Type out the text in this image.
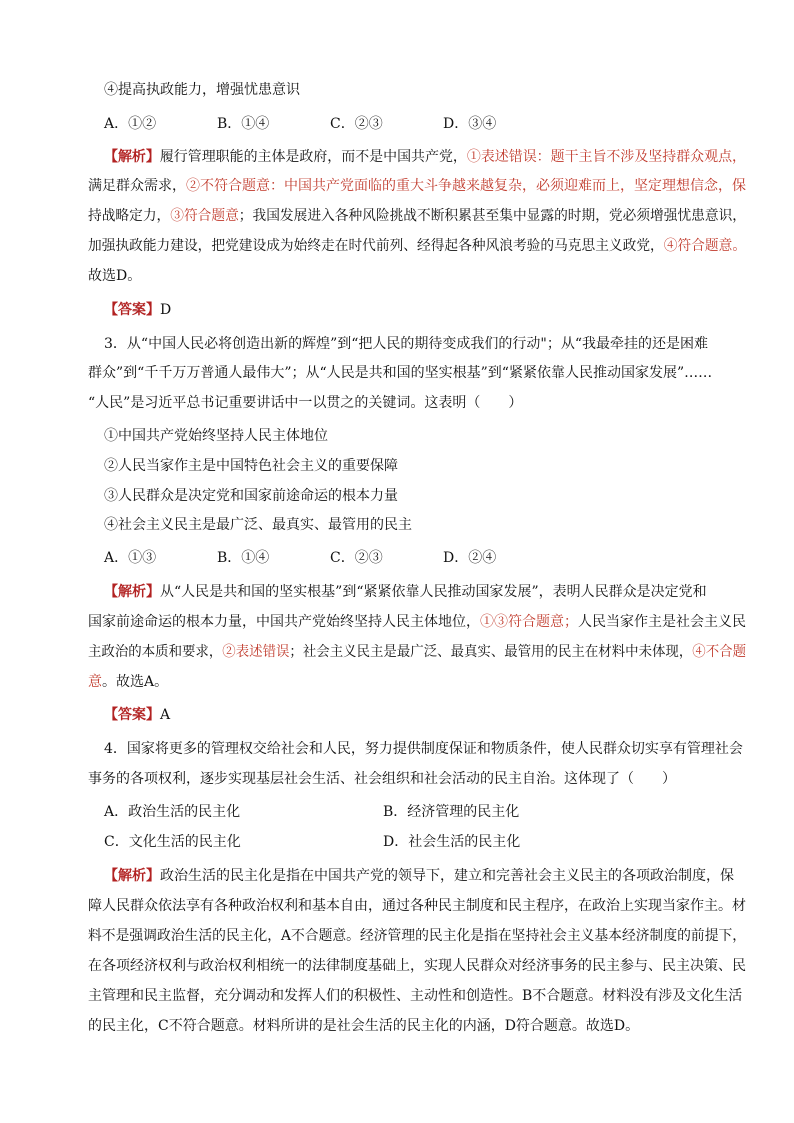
④提高执政能力，增强忧患意识
A．①②	B．①④	C．②③	D．③④
【解析】履行管理职能的主体是政府，而不是中国共产党，①表述错误：题干主旨不涉及坚持群众观点，
满足群众需求，②不符合题意：中国共产党面临的重大斗争越来越复杂，必须迎难而上，坚定理想信念，保
持战略定力，③符合题意；我国发展进入各种风险挑战不断积累甚至集中显露的时期，党必须增强忧患意识，
加强执政能力建设，把党建设成为始终走在时代前列、经得起各种风浪考验的马克思主义政党，④符合题意。
故选D。
【答案】D
3．从“中国人民必将创造出新的辉煌”到“把人民的期待变成我们的行动"；从“我最牵挂的还是困难
群众”到“千千万万普通人最伟大”；从“人民是共和国的坚实根基”到“紧紧依靠人民推动国家发展”……
“人民”是习近平总书记重要讲话中一以贯之的关键词。这表明（　　）
①中国共产党始终坚持人民主体地位
②人民当家作主是中国特色社会主义的重要保障
③人民群众是决定党和国家前途命运的根本力量
④社会主义民主是最广泛、最真实、最管用的民主
A．①③	B．①④	C．②③	D．②④
【解析】从“人民是共和国的坚实根基”到“紧紧依靠人民推动国家发展”，表明人民群众是决定党和
国家前途命运的根本力量，中国共产党始终坚持人民主体地位，①③符合题意；人民当家作主是社会主义民
主政治的本质和要求，②表述错误；社会主义民主是最广泛、最真实、最管用的民主在材料中未体现，④不合题
意。故选A。
【答案】A
4．国家将更多的管理权交给社会和人民，努力提供制度保证和物质条件，使人民群众切实享有管理社会
事务的各项权利，逐步实现基层社会生活、社会组织和社会活动的民主自治。这体现了（　　）
A．政治生活的民主化	B．经济管理的民主化
C．文化生活的民主化	D．社会生活的民主化
【解析】政治生活的民主化是指在中国共产党的领导下，建立和完善社会主义民主的各项政治制度，保
障人民群众依法享有各种政治权利和基本自由，通过各种民主制度和民主程序，在政治上实现当家作主。材
料不是强调政治生活的民主化，A不合题意。经济管理的民主化是指在坚持社会主义基本经济制度的前提下，
在各项经济权利与政治权利相统一的法律制度基础上，实现人民群众对经济事务的民主参与、民主决策、民
主管理和民主监督，充分调动和发挥人们的积极性、主动性和创造性。B不合题意。材料没有涉及文化生活
的民主化，C不符合题意。材料所讲的是社会生活的民主化的内涵，D符合题意。故选D。
